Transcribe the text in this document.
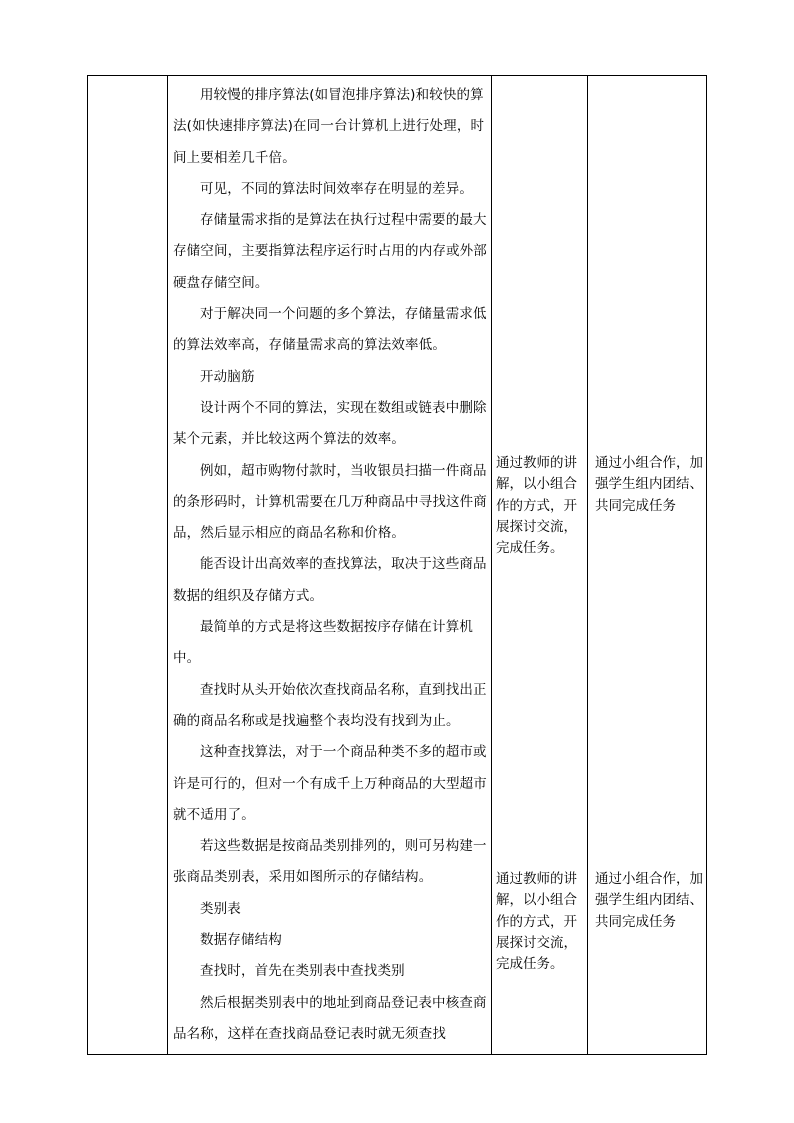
用较慢的排序算法(如冒泡排序算法)和较快的算法(如快速排序算法)在同一台计算机上进行处理，时间上要相差几千倍。

可见，不同的算法时间效率存在明显的差异。

存储量需求指的是算法在执行过程中需要的最大存储空间，主要指算法程序运行时占用的内存或外部硬盘存储空间。

对于解决同一个问题的多个算法，存储量需求低的算法效率高，存储量需求高的算法效率低。

开动脑筋

设计两个不同的算法，实现在数组或链表中删除某个元素，并比较这两个算法的效率。

例如，超市购物付款时，当收银员扫描一件商品的条形码时，计算机需要在几万种商品中寻找这件商品，然后显示相应的商品名称和价格。

能否设计出高效率的查找算法，取决于这些商品数据的组织及存储方式。

最简单的方式是将这些数据按序存储在计算机中。

查找时从头开始依次查找商品名称，直到找出正确的商品名称或是找遍整个表均没有找到为止。

这种查找算法，对于一个商品种类不多的超市或许是可行的，但对一个有成千上万种商品的大型超市就不适用了。

若这些数据是按商品类别排列的，则可另构建一张商品类别表，采用如图所示的存储结构。

类别表

数据存储结构

查找时，首先在类别表中查找类别

然后根据类别表中的地址到商品登记表中核查商品名称，这样在查找商品登记表时就无须查找

通过教师的讲解，以小组合作的方式，开展探讨交流，完成任务。
通过小组合作，加强学生组内团结、共同完成任务
通过教师的讲解，以小组合作的方式，开展探讨交流，完成任务。
通过小组合作，加强学生组内团结、共同完成任务
